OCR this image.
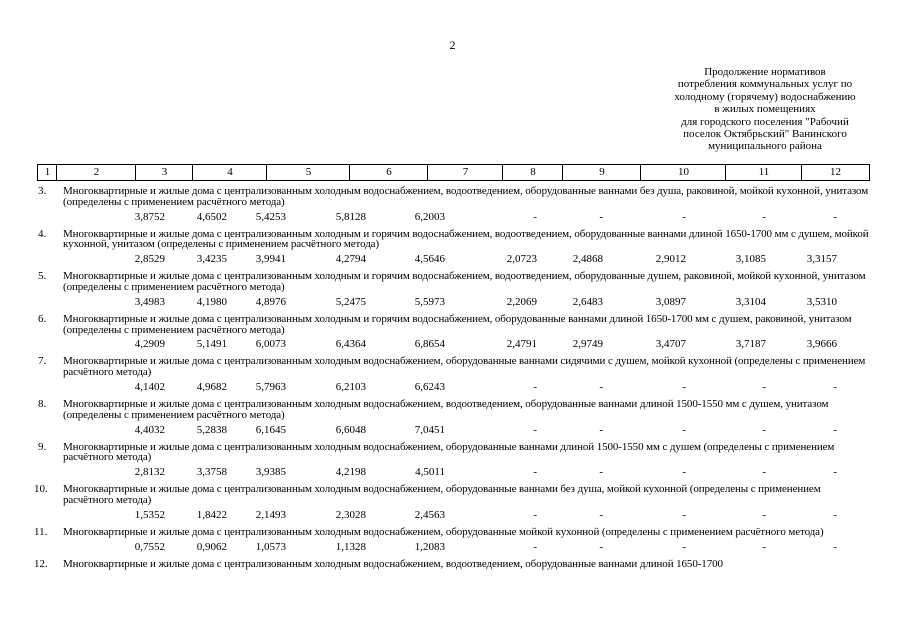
2
Продолжение нормативов
потребления коммунальных услуг по
холодному (горячему) водоснабжению
в жилых помещениях
для городского поселения "Рабочий
поселок Октябрьский" Ванинского
муниципального района
1	2	3	4	5	6	7	8	9	10	11	12
3. Многоквартирные и жилые дома с централизованным холодным водоснабжением, водоотведением, оборудованные ваннами без душа, раковиной, мойкой кухонной, унитазом (определены с применением расчётного метода)
3,8752	4,6502	5,4253	5,8128	6,2003	-	-	-	-	-
4. Многоквартирные и жилые дома с централизованным холодным и горячим водоснабжением, водоотведением, оборудованные ваннами длиной 1650-1700 мм с душем, мойкой кухонной, унитазом (определены с применением расчётного метода)
2,8529	3,4235	3,9941	4,2794	4,5646	2,0723	2,4868	2,9012	3,1085	3,3157
5. Многоквартирные и жилые дома с централизованным холодным и горячим водоснабжением, водоотведением, оборудованные душем, раковиной, мойкой кухонной, унитазом (определены с применением расчётного метода)
3,4983	4,1980	4,8976	5,2475	5,5973	2,2069	2,6483	3,0897	3,3104	3,5310
6. Многоквартирные и жилые дома с централизованным холодным и горячим водоснабжением, оборудованные ваннами длиной 1650-1700 мм с душем, раковиной, унитазом (определены с применением расчётного метода)
4,2909	5,1491	6,0073	6,4364	6,8654	2,4791	2,9749	3,4707	3,7187	3,9666
7. Многоквартирные и жилые дома с централизованным холодным водоснабжением, оборудованные ваннами сидячими с душем, мойкой кухонной (определены с применением расчётного метода)
4,1402	4,9682	5,7963	6,2103	6,6243	-	-	-	-	-
8. Многоквартирные и жилые дома с централизованным холодным водоснабжением, водоотведением, оборудованные ваннами длиной 1500-1550 мм с душем, унитазом (определены с применением расчётного метода)
4,4032	5,2838	6,1645	6,6048	7,0451	-	-	-	-	-
9. Многоквартирные и жилые дома с централизованным холодным водоснабжением, оборудованные ваннами длиной 1500-1550 мм с душем (определены с применением расчётного метода)
2,8132	3,3758	3,9385	4,2198	4,5011	-	-	-	-	-
10. Многоквартирные и жилые дома с централизованным холодным водоснабжением, оборудованные ваннами без душа, мойкой кухонной (определены с применением расчётного метода)
1,5352	1,8422	2,1493	2,3028	2,4563	-	-	-	-	-
11. Многоквартирные и жилые дома с централизованным холодным водоснабжением, оборудованные мойкой кухонной (определены с применением расчётного метода)
0,7552	0,9062	1,0573	1,1328	1,2083	-	-	-	-	-
12. Многоквартирные и жилые дома с централизованным холодным водоснабжением, водоотведением, оборудованные ваннами длиной 1650-1700
